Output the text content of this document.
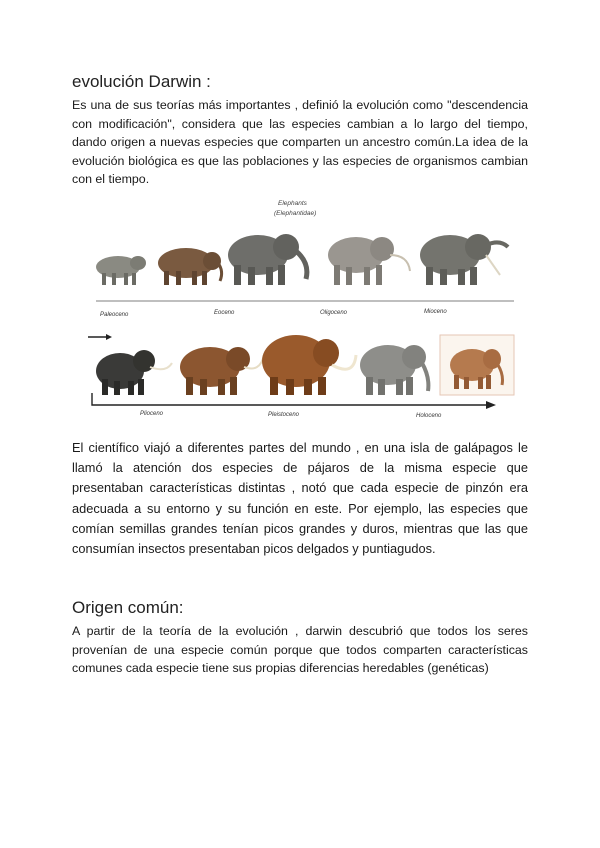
evolución Darwin :

Es una de sus teorías más importantes , definió la evolución como "descendencia con modificación", considera que las especies cambian a lo largo del tiempo, dando origen a nuevas especies que comparten un ancestro común.La idea de la evolución biológica es que las poblaciones y las especies de organismos cambian con el tiempo.

Elephants
(Elephantidae)
Paleoceno	Eoceno	Oligoceno	Mioceno
Plioceno	Pleistoceno	Holoceno

El científico viajó a diferentes partes del mundo , en una isla de galápagos le llamó la atención dos especies de pájaros de la misma especie que presentaban características distintas , notó que cada especie de pinzón era adecuada a su entorno y su función en este. Por ejemplo, las especies que comían semillas grandes tenían picos grandes y duros, mientras que las que consumían insectos presentaban picos delgados y puntiagudos.

Origen común:

A partir de la teoría de la evolución , darwin descubrió que todos los seres provenían de una especie común porque que todos comparten características comunes cada especie tiene sus propias diferencias heredables (genéticas)
